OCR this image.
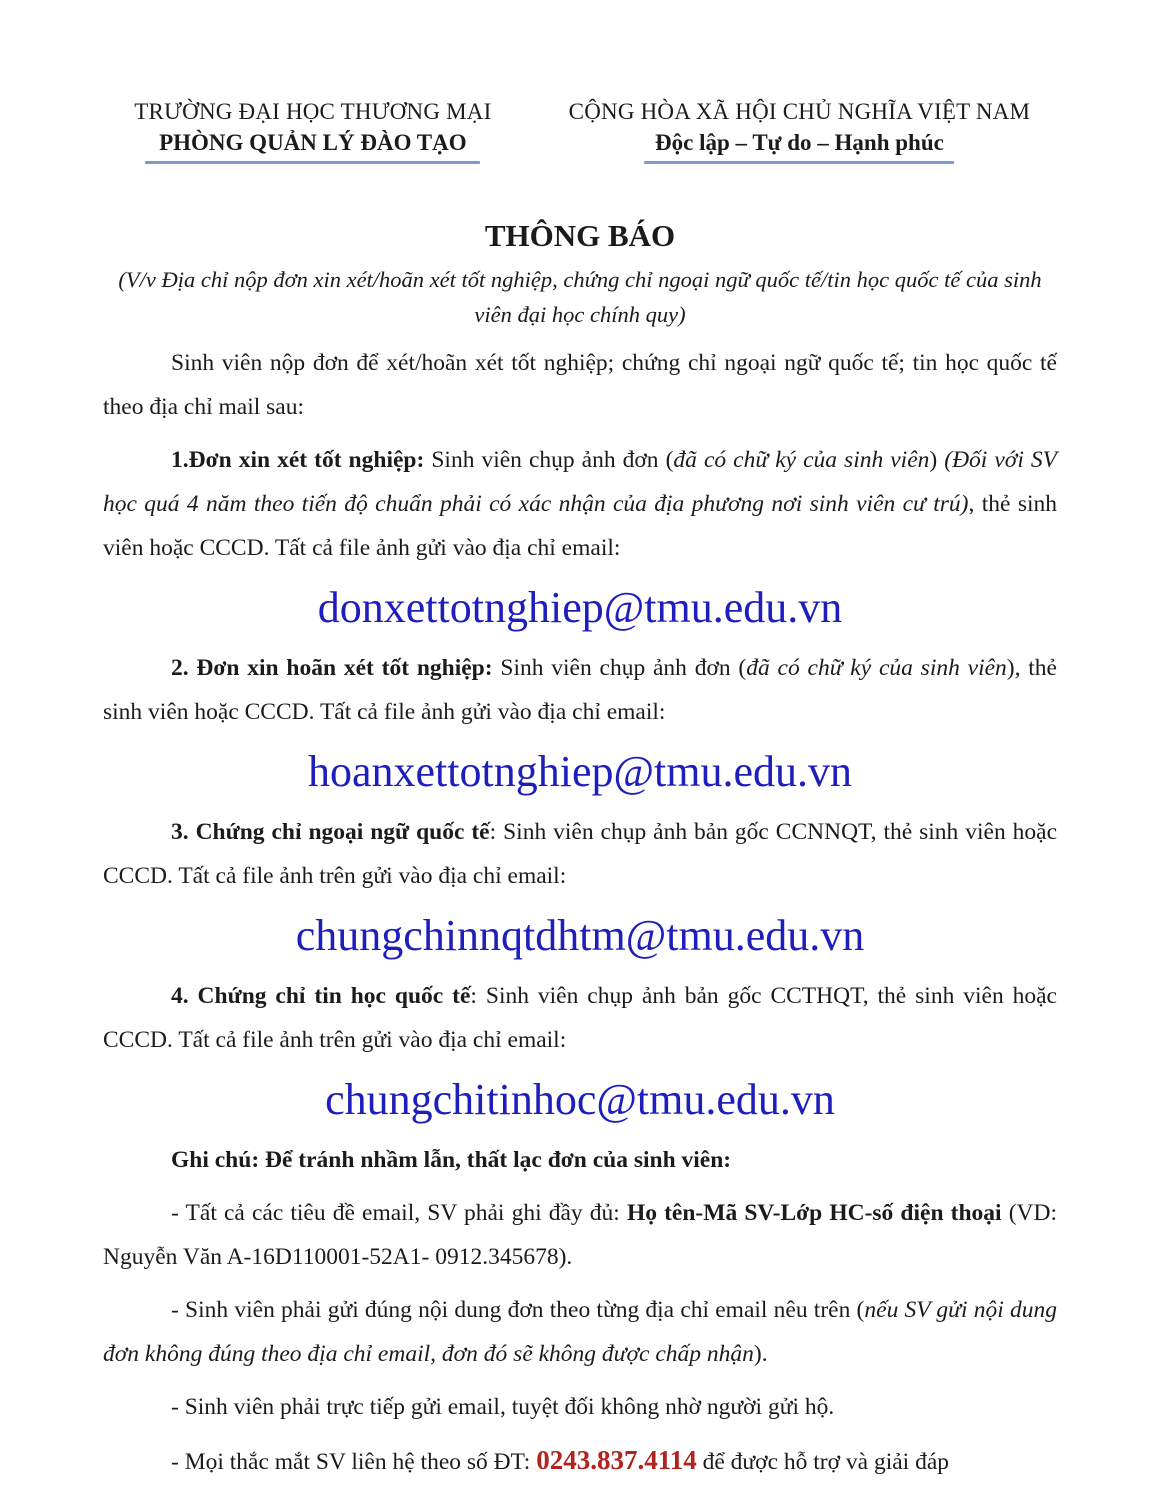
TRƯỜNG ĐẠI HỌC THƯƠNG MẠI
PHÒNG QUẢN LÝ ĐÀO TẠO
CỘNG HÒA XÃ HỘI CHỦ NGHĨA VIỆT NAM
Độc lập – Tự do – Hạnh phúc
THÔNG BÁO
(V/v Địa chỉ nộp đơn xin xét/hoãn xét tốt nghiệp, chứng chỉ ngoại ngữ quốc tế/tin học quốc tế của sinh viên đại học chính quy)

Sinh viên nộp đơn để xét/hoãn xét tốt nghiệp; chứng chỉ ngoại ngữ quốc tế; tin học quốc tế theo địa chỉ mail sau:

1.Đơn xin xét tốt nghiệp: Sinh viên chụp ảnh đơn (đã có chữ ký của sinh viên) (Đối với SV học quá 4 năm theo tiến độ chuẩn phải có xác nhận của địa phương nơi sinh viên cư trú), thẻ sinh viên hoặc CCCD. Tất cả file ảnh gửi vào địa chỉ email:

donxettotnghiep@tmu.edu.vn

2. Đơn xin hoãn xét tốt nghiệp: Sinh viên chụp ảnh đơn (đã có chữ ký của sinh viên), thẻ sinh viên hoặc CCCD. Tất cả file ảnh gửi vào địa chỉ email:

hoanxettotnghiep@tmu.edu.vn

3. Chứng chỉ ngoại ngữ quốc tế: Sinh viên chụp ảnh bản gốc CCNNQT, thẻ sinh viên hoặc CCCD. Tất cả file ảnh trên gửi vào địa chỉ email:

chungchinnqtdhtm@tmu.edu.vn

4. Chứng chỉ tin học quốc tế: Sinh viên chụp ảnh bản gốc CCTHQT, thẻ sinh viên hoặc CCCD. Tất cả file ảnh trên gửi vào địa chỉ email:

chungchitinhoc@tmu.edu.vn

Ghi chú: Để tránh nhầm lẫn, thất lạc đơn của sinh viên:

- Tất cả các tiêu đề email, SV phải ghi đầy đủ: Họ tên-Mã SV-Lớp HC-số điện thoại (VD: Nguyễn Văn A-16D110001-52A1- 0912.345678).

- Sinh viên phải gửi đúng nội dung đơn theo từng địa chỉ email nêu trên (nếu SV gửi nội dung đơn không đúng theo địa chỉ email, đơn đó sẽ không được chấp nhận).

- Sinh viên phải trực tiếp gửi email, tuyệt đối không nhờ người gửi hộ.

- Mọi thắc mắt SV liên hệ theo số ĐT: 0243.837.4114 để được hỗ trợ và giải đáp
